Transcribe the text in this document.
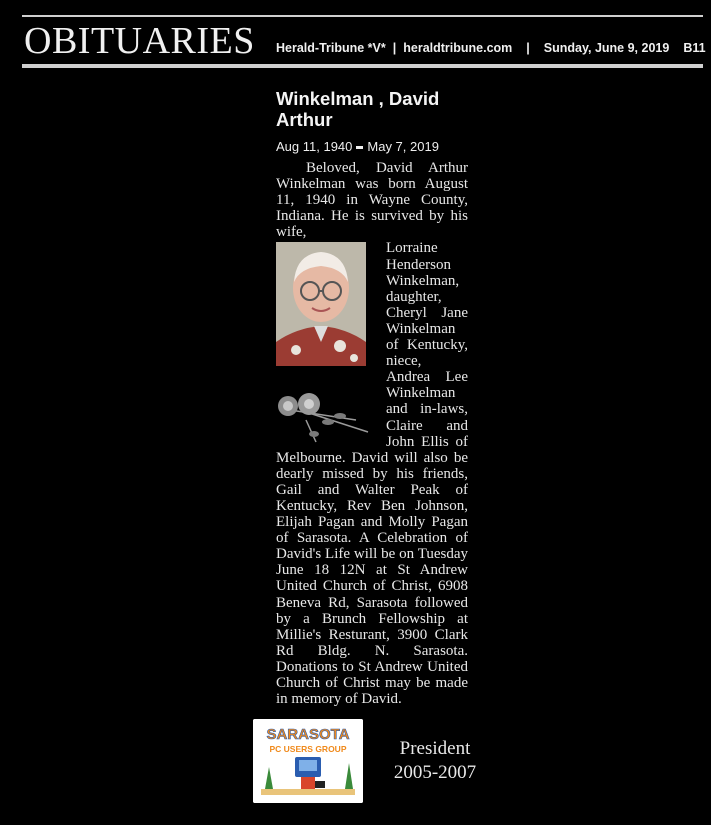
OBITUARIES Herald-Tribune *V* | heraldtribune.com | Sunday, June 9, 2019 B11
Winkelman , David Arthur
Aug 11, 1940 May 7, 2019

Beloved, David Arthur Winkelman was born August 11, 1940 in Wayne County, Indiana. He is survived by his wife,

Lorraine Henderson Winkelman, daughter, Cheryl Jane Winkelman of Kentucky, niece, Andrea Lee Winkelman and in-laws, Claire and John Ellis of Melbourne. David will also be dearly missed by his friends, Gail and Walter Peak of Kentucky, Rev Ben Johnson, Elijah Pagan and Molly Pagan of Sarasota. A Celebration of David's Life will be on Tuesday June 18 12N at St Andrew United Church of Christ, 6908 Beneva Rd, Sarasota followed by a Brunch Fellowship at Millie's Resturant, 3900 Clark Rd Bldg. N. Sarasota. Donations to St Andrew United Church of Christ may be made in memory of David.
SARASOTA
PC USERS GROUP	President
2005-2007
